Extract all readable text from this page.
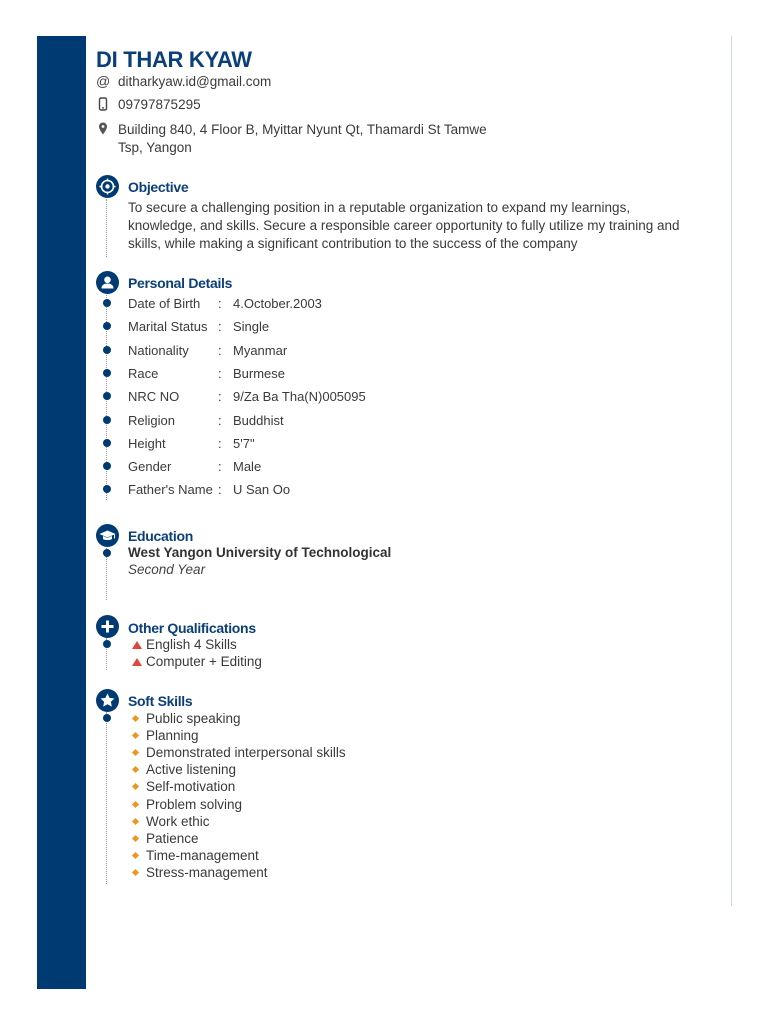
DI THAR KYAW
@ ditharkyaw.id@gmail.com
09797875295
Building 840, 4 Floor B, Myittar Nyunt Qt, Thamardi St Tamwe
Tsp, Yangon
Objective
To secure a challenging position in a reputable organization to expand my learnings,
knowledge, and skills. Secure a responsible career opportunity to fully utilize my training and
skills, while making a significant contribution to the success of the company
Personal Details
Date of Birth : 4.October.2003
Marital Status : Single
Nationality : Myanmar
Race	: Burmese
NRC NO	: 9/Za Ba Tha(N)005095
Religion	: Buddhist
Height	: 5'7"
Gender	: Male
Father's Name : U San Oo
Education
West Yangon University of Technological
Second Year
Other Qualifications
English 4 Skills
Computer + Editing
Soft Skills
Public speaking
Planning
Demonstrated interpersonal skills
Active listening
Self-motivation
Problem solving
Work ethic
Patience
Time-management
Stress-management
